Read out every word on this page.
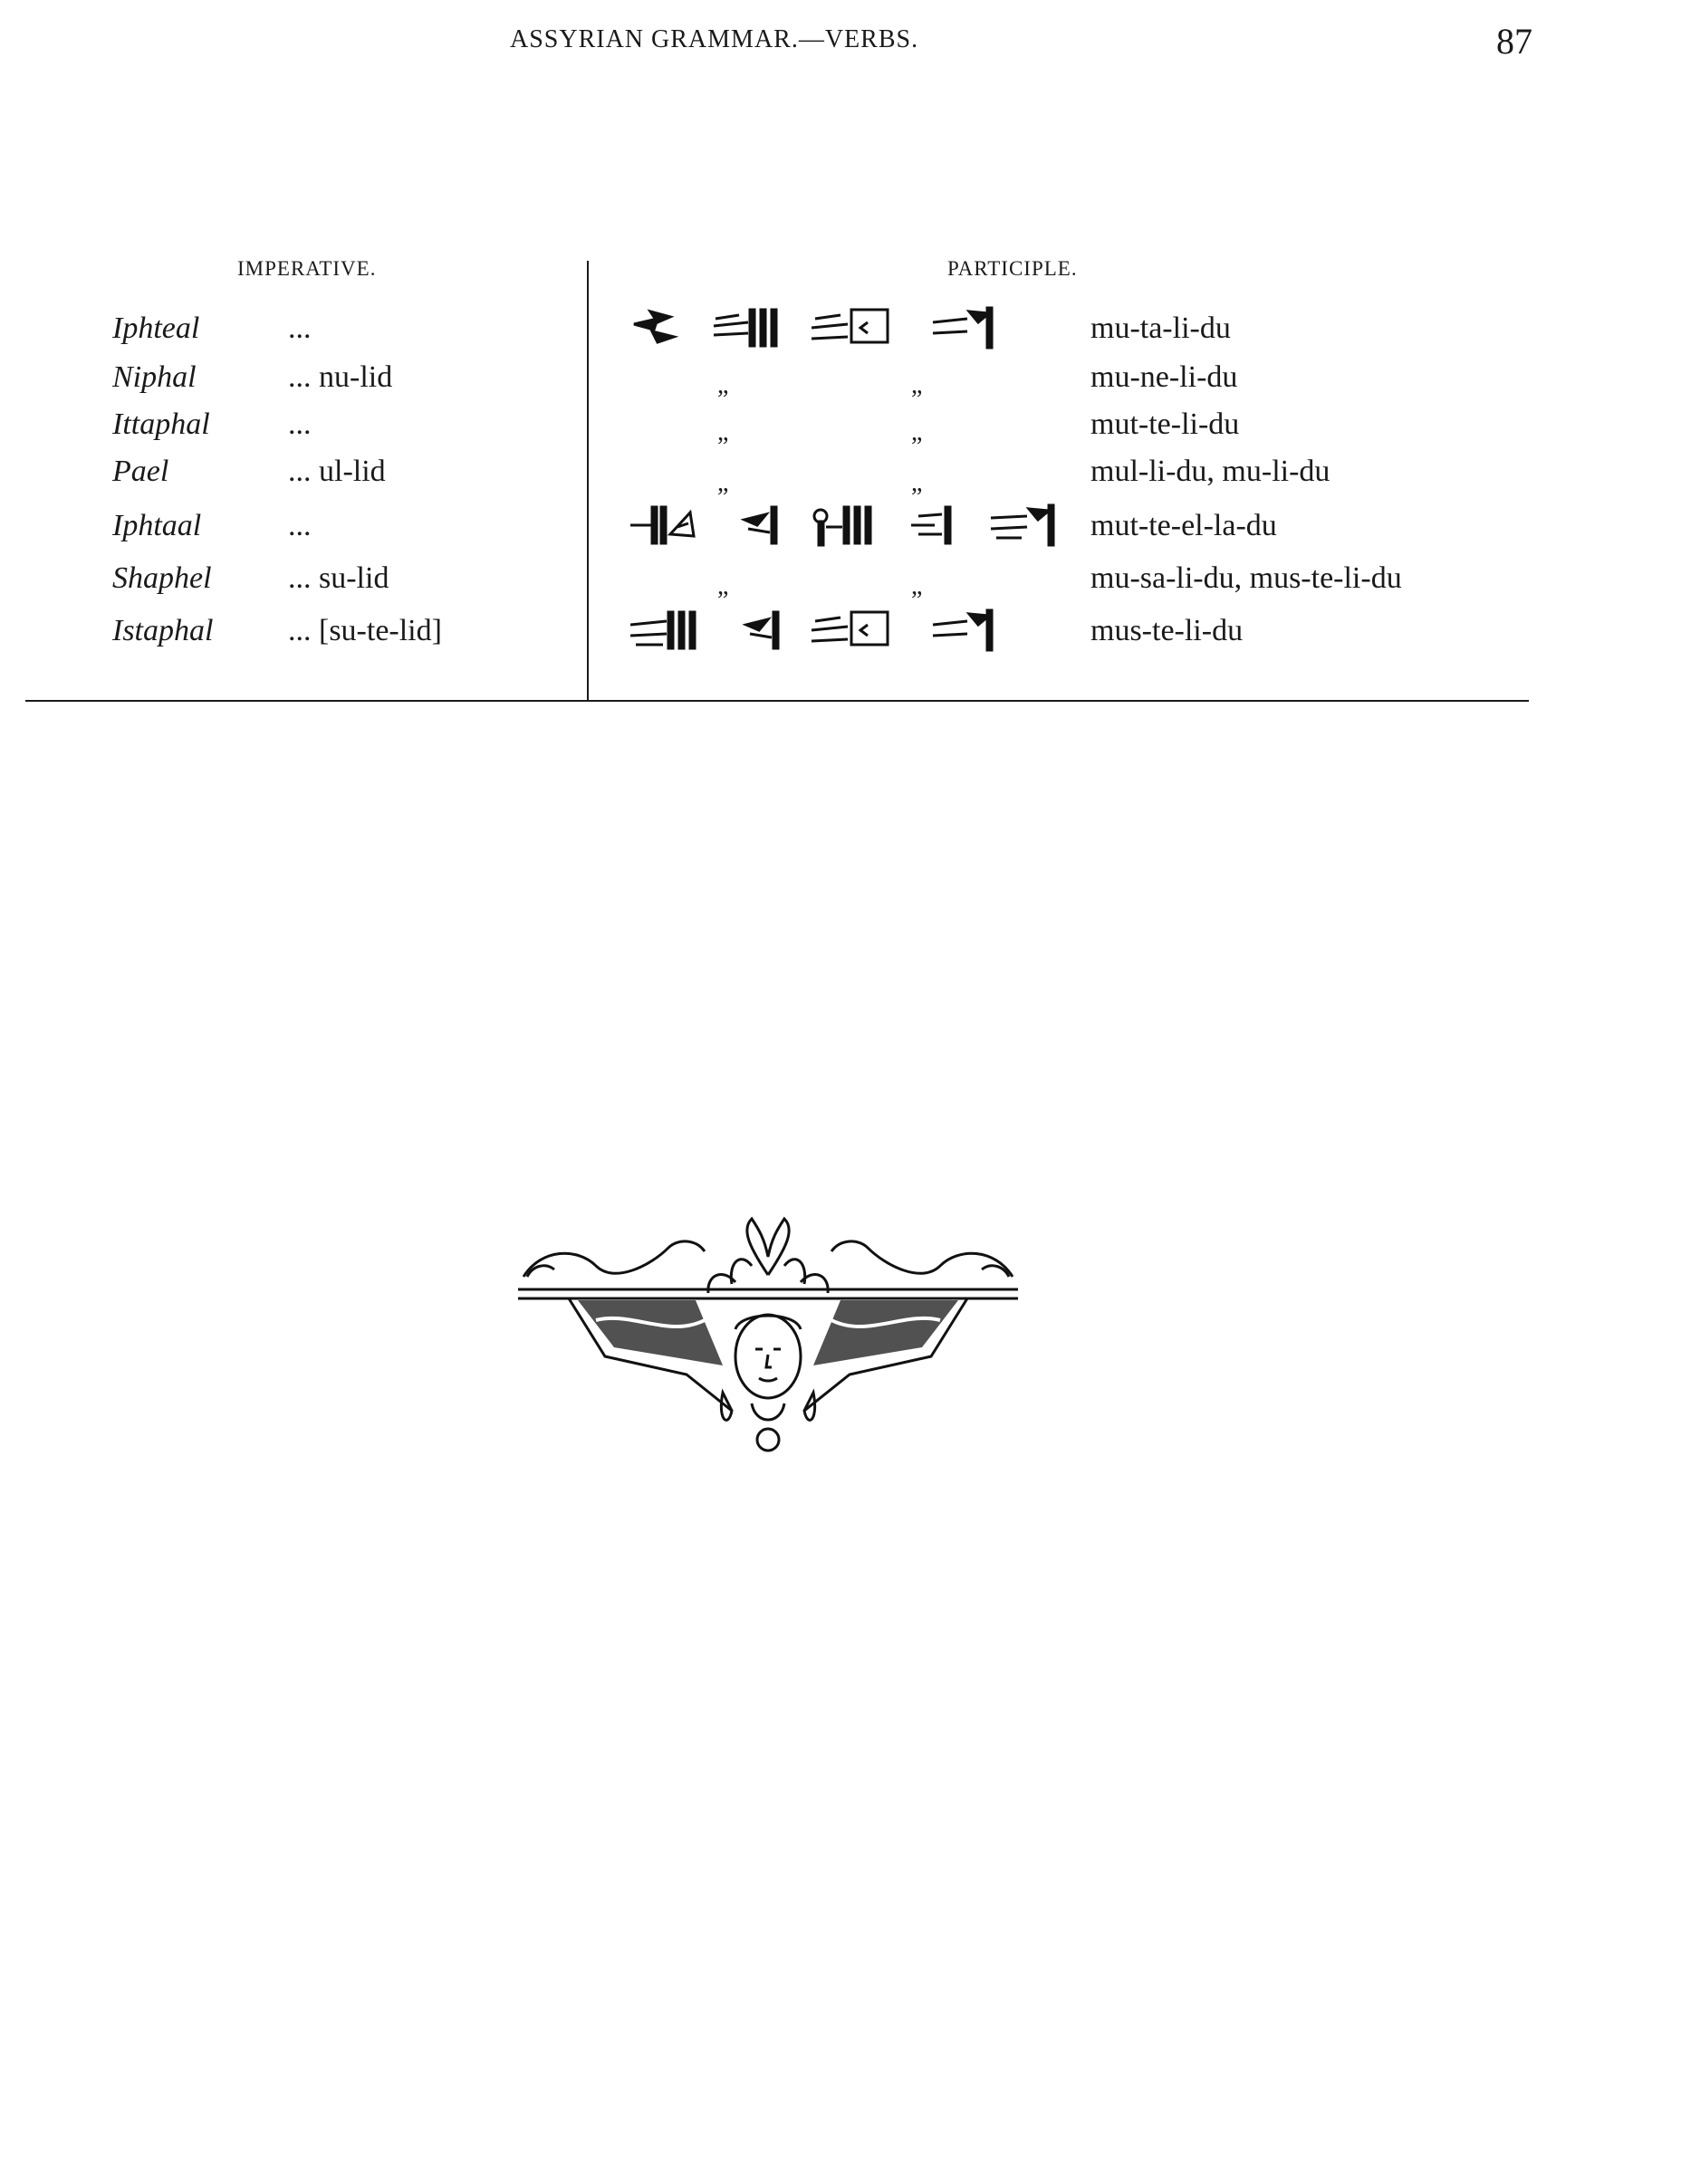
ASSYRIAN GRAMMAR.—VERBS.	87
IMPERATIVE.	PARTICIPLE.
Iphteal	...	mu-ta-li-du
Niphal	... nu-lid	„	„	mu-ne-li-du
Ittaphal	...	„	„	mut-te-li-du
Pael	... ul-lid	„	„	mul-li-du, mu-li-du
Iphtaal	...	mut-te-el-la-du
Shaphel ... su-lid	„	„	mu-sa-li-du, mus-te-li-du
Istaphal ... [su-te-lid]	mus-te-li-du
